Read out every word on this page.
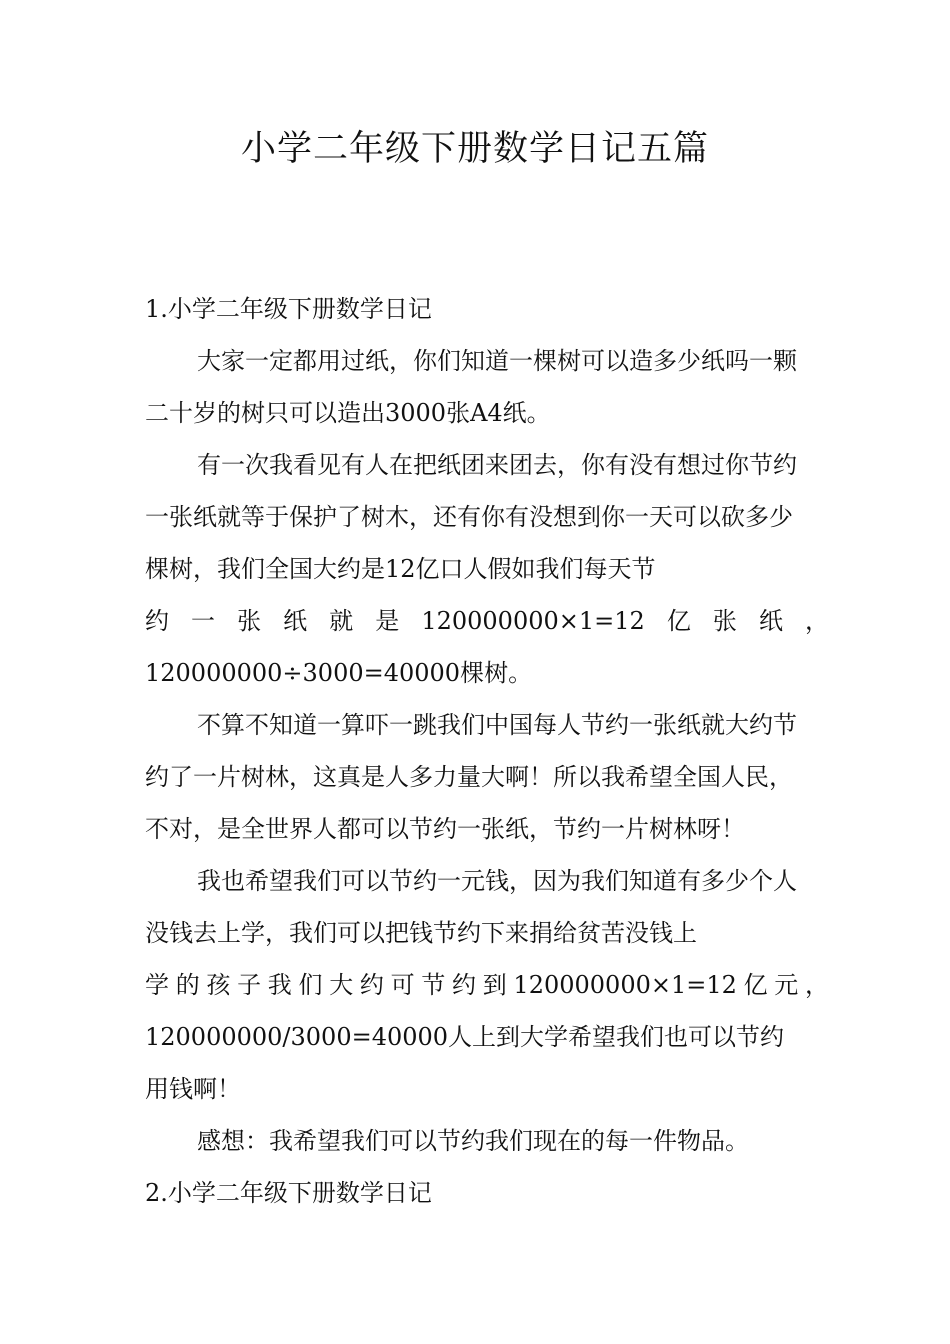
小学二年级下册数学日记五篇

1.小学二年级下册数学日记

大家一定都用过纸，你们知道一棵树可以造多少纸吗一颗二十岁的树只可以造出3000张A4纸。

有一次我看见有人在把纸团来团去，你有没有想过你节约一张纸就等于保护了树木，还有你有没想到你一天可以砍多少棵树，我们全国大约是12亿口人假如我们每天节

约一张纸就是120000000×1=12亿张纸，
120000000÷3000=40000棵树。

不算不知道一算吓一跳我们中国每人节约一张纸就大约节约了一片树林，这真是人多力量大啊！所以我希望全国人民，不对，是全世界人都可以节约一张纸，节约一片树林呀！

我也希望我们可以节约一元钱，因为我们知道有多少个人没钱去上学，我们可以把钱节约下来捐给贫苦没钱上

学的孩子我们大约可节约到120000000×1=12亿元，

120000000/3000=40000人上到大学希望我们也可以节约用钱啊！

感想：我希望我们可以节约我们现在的每一件物品。

2.小学二年级下册数学日记
